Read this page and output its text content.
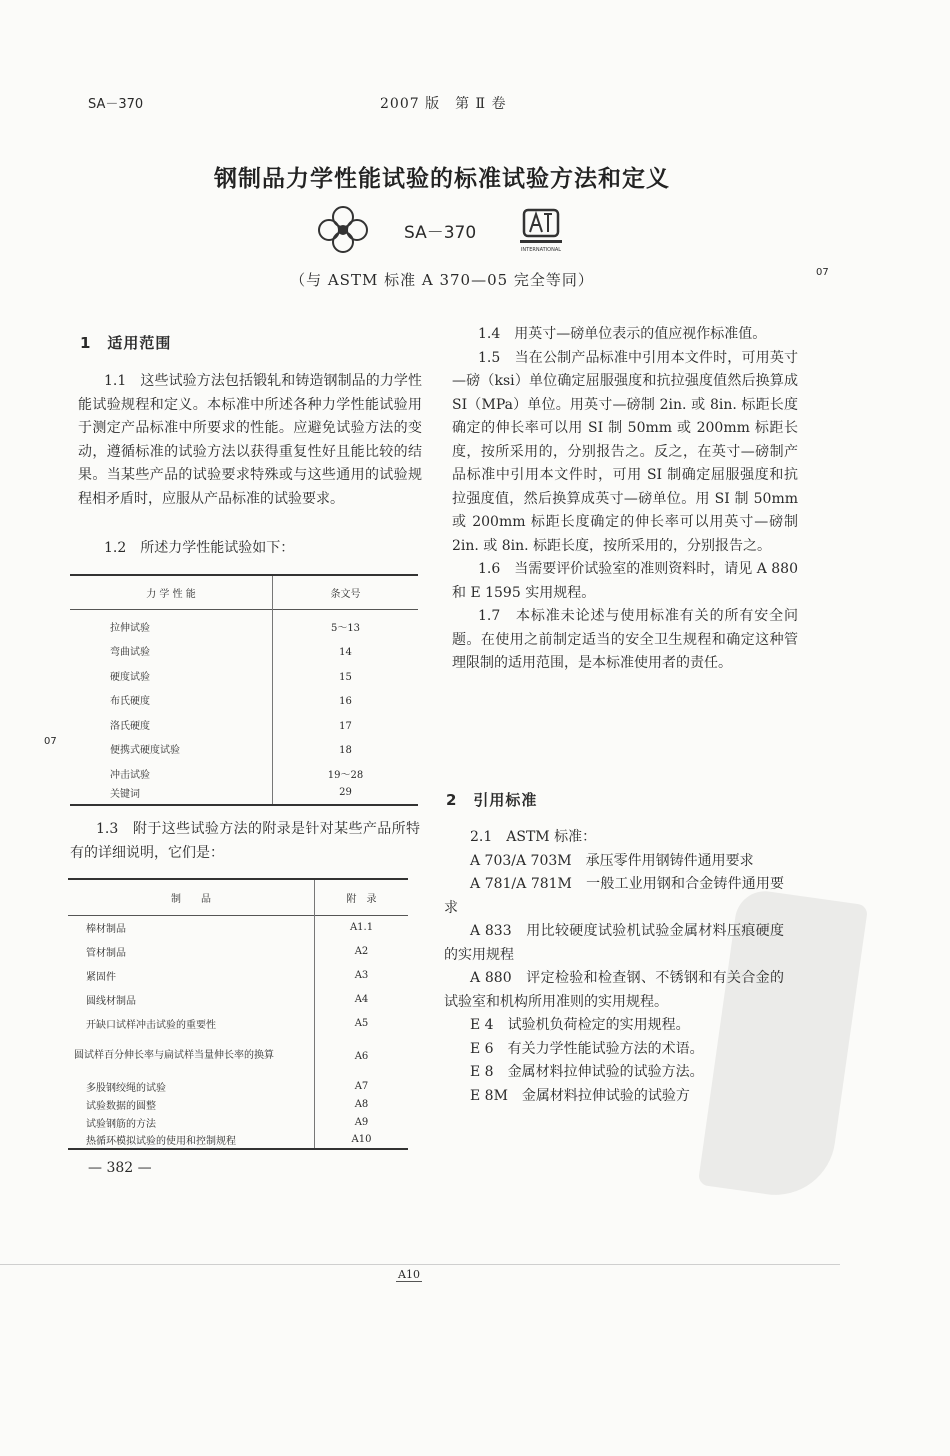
SA－370	2007 版　第 Ⅱ 卷
钢制品力学性能试验的标准试验方法和定义
SA－370
INTERNATIONAL
（与 ASTM 标准 A 370—05 完全等同）	07
07
1　适用范围

1.1　这些试验方法包括锻轧和铸造钢制品的力学性能试验规程和定义。本标准中所述各种力学性能试验用于测定产品标准中所要求的性能。应避免试验方法的变动，遵循标准的试验方法以获得重复性好且能比较的结果。当某些产品的试验要求特殊或与这些通用的试验规程相矛盾时，应服从产品标准的试验要求。

1.2　所述力学性能试验如下：

力 学 性 能	条文号
拉伸试验	5～13
弯曲试验	14
硬度试验	15
布氏硬度	16
洛氏硬度	17
便携式硬度试验	18
冲击试验	19～28
关键词	29

1.3　附于这些试验方法的附录是针对某些产品所特有的详细说明，它们是：

制　　品	附　录
棒材制品	A1.1
管材制品	A2
紧固件	A3
圆线材制品	A4
开缺口试样冲击试验的重要性	A5
圆试样百分伸长率与扁试样当量伸长率的换算	A6
多股钢绞绳的试验	A7
试验数据的圆整	A8
试验钢筋的方法	A9
热循环模拟试验的使用和控制规程	A10
— 382 —

1.4　用英寸—磅单位表示的值应视作标准值。

1.5　当在公制产品标准中引用本文件时，可用英寸—磅（ksi）单位确定屈服强度和抗拉强度值然后换算成 SI（MPa）单位。用英寸—磅制 2in. 或 8in. 标距长度确定的伸长率可以用 SI 制 50mm 或 200mm 标距长度，按所采用的，分别报告之。反之，在英寸—磅制产品标准中引用本文件时，可用 SI 制确定屈服强度和抗拉强度值，然后换算成英寸—磅单位。用 SI 制 50mm 或 200mm 标距长度确定的伸长率可以用英寸—磅制 2in. 或 8in. 标距长度，按所采用的，分别报告之。

1.6　当需要评价试验室的准则资料时，请见 A 880 和 E 1595 实用规程。

1.7　本标准未论述与使用标准有关的所有安全问题。在使用之前制定适当的安全卫生规程和确定这种管理限制的适用范围，是本标准使用者的责任。

2　引用标准

2.1　ASTM 标准：

A 703/A 703M　承压零件用钢铸件通用要求

A 781/A 781M　一般工业用钢和合金铸件通用要求

A 833　用比较硬度试验机试验金属材料压痕硬度的实用规程

A 880　评定检验和检查钢、不锈钢和有关合金的试验室和机构所用准则的实用规程。

E 4　试验机负荷检定的实用规程。

E 6　有关力学性能试验方法的术语。

E 8　金属材料拉伸试验的试验方法。

E 8M　金属材料拉伸试验的试验方

A10
